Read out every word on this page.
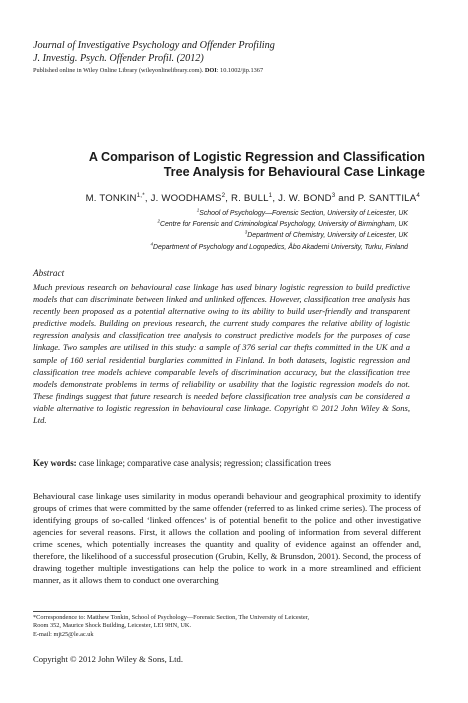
Journal of Investigative Psychology and Offender Profiling
J. Investig. Psych. Offender Profil. (2012)
Published online in Wiley Online Library (wileyonlinelibrary.com). DOI: 10.1002/jip.1367
A Comparison of Logistic Regression and Classification
Tree Analysis for Behavioural Case Linkage
M. $TONKIN^{1,*}$, J. WOODHAMS$^2$, R. BULL$^1$, J. W. BOND$^3$ and P. SANTTILA$^4$
$^1$School of Psychology—Forensic Section, University of Leicester, UK
$^2$Centre for Forensic and Criminological Psychology, University of Birmingham, UK
$^3$Department of Chemistry, University of Leicester, UK
$^4$Department of Psychology and Logopedics, Åbo Akademi University, Turku, Finland
Abstract
Much previous research on behavioural case linkage has used binary logistic regression to build predictive models that can discriminate between linked and unlinked offences. However, classification tree analysis has recently been proposed as a potential alternative owing to its ability to build user-friendly and transparent predictive models. Building on previous research, the current study compares the relative ability of logistic regression analysis and classification tree analysis to construct predictive models for the purposes of case linkage. Two samples are utilised in this study: a sample of 376 serial car thefts committed in the UK and a sample of 160 serial residential burglaries committed in Finland. In both datasets, logistic regression and classification tree models achieve comparable levels of discrimination accuracy, but the classification tree models demonstrate problems in terms of reliability or usability that the logistic regression models do not. These findings suggest that future research is needed before classification tree analysis can be considered a viable alternative to logistic regression in behavioural case linkage. Copyright © 2012 John Wiley & Sons, Ltd.
Key words: case linkage; comparative case analysis; regression; classification trees
Behavioural case linkage uses similarity in modus operandi behaviour and geographical proximity to identify groups of crimes that were committed by the same offender (referred to as linked crime series). The process of identifying groups of so-called ‘linked offences’ is of potential benefit to the police and other investigative agencies for several reasons. First, it allows the collation and pooling of information from several different crime scenes, which potentially increases the quantity and quality of evidence against an offender and, therefore, the likelihood of a successful prosecution (Grubin, Kelly, & Brunsdon, 2001). Second, the process of drawing together multiple investigations can help the police to work in a more streamlined and efficient manner, as it allows them to conduct one overarching
*Correspondence to: Matthew Tonkin, School of Psychology—Forensic Section, The University of Leicester,
Room 352, Maurice Shock Building, Leicester, LEI 9HN, UK.
E-mail: mjt25@le.ac.uk
Copyright © 2012 John Wiley & Sons, Ltd.
